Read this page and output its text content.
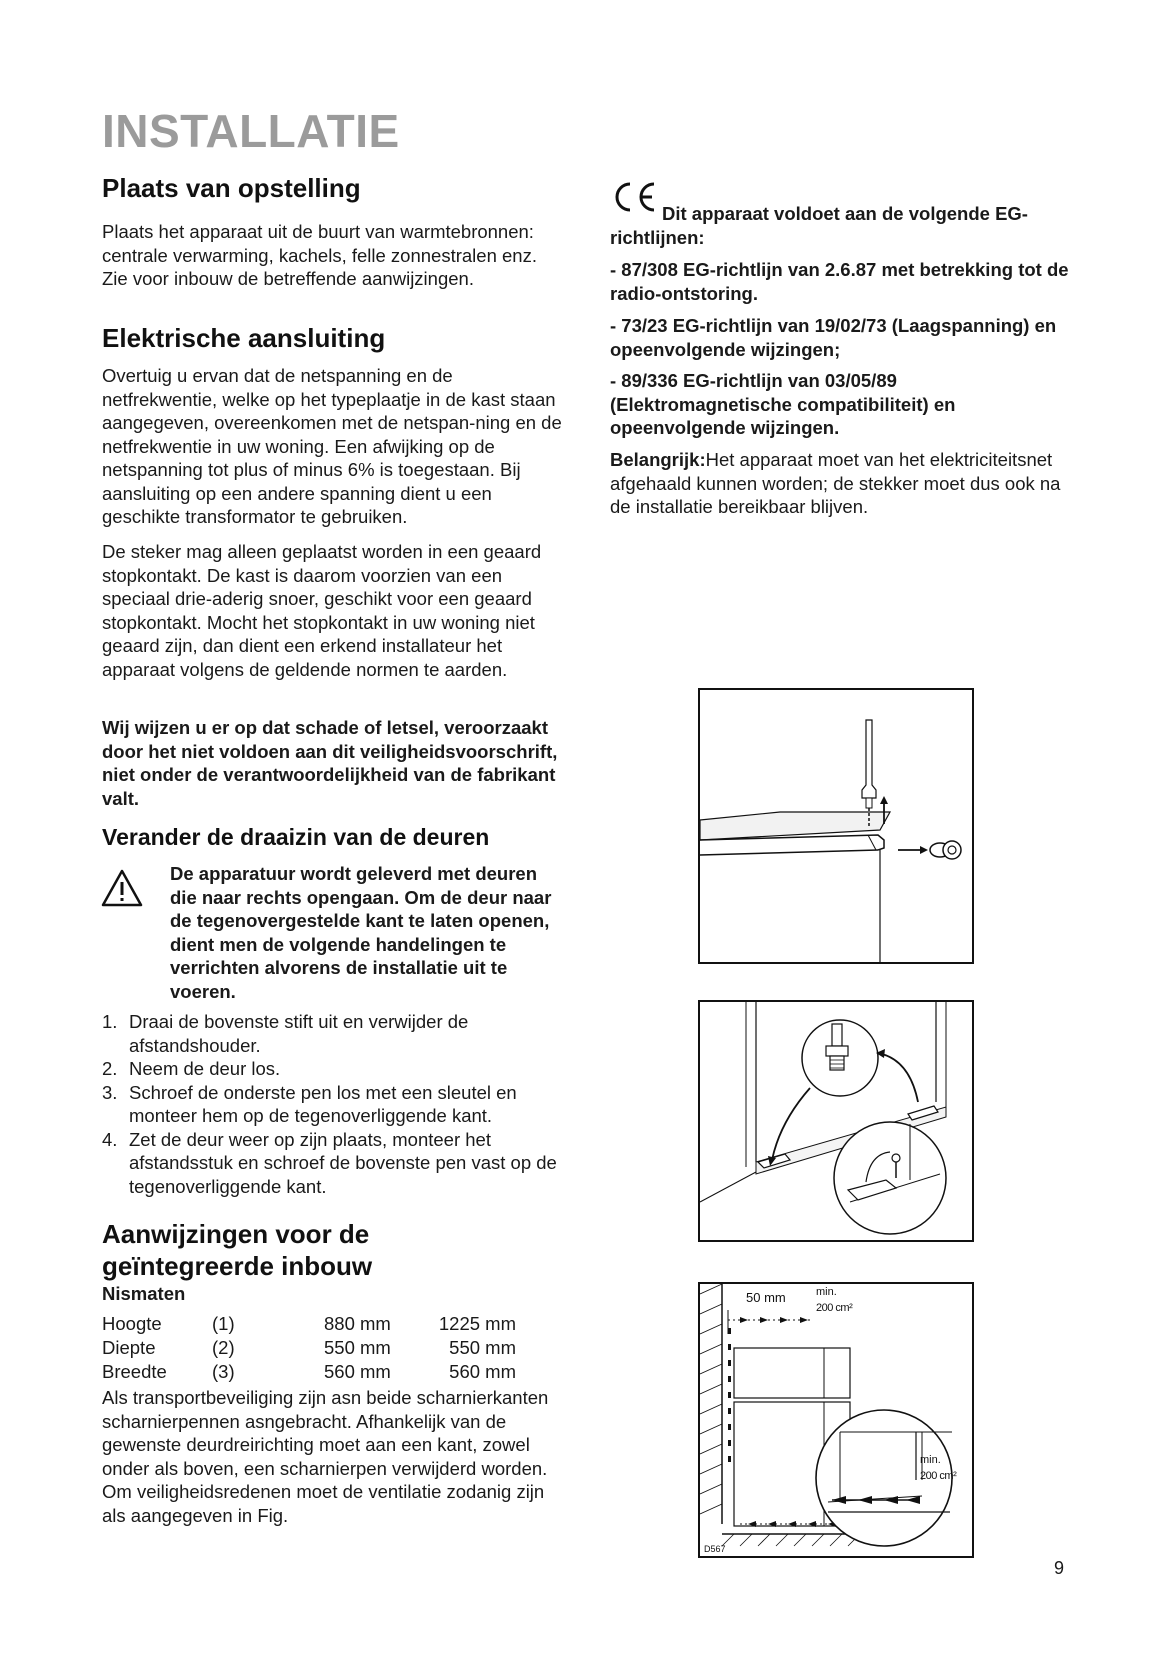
INSTALLATIE
Plaats van opstelling
Plaats het apparaat uit de buurt van warmtebronnen: centrale verwarming, kachels, felle zonnestralen enz. Zie voor inbouw de betreffende aanwijzingen.
Elektrische aansluiting
Overtuig u ervan dat de netspanning en de netfrekwentie, welke op het typeplaatje in de kast staan aangegeven, overeenkomen met de netspan-ning en de netfrekwentie in uw woning. Een afwijking op de netspanning tot plus of minus 6% is toegestaan. Bij aansluiting op een andere spanning dient u een geschikte transformator te gebruiken.
De steker mag alleen geplaatst worden in een geaard stopkontakt. De kast is daarom voorzien van een speciaal drie-aderig snoer, geschikt voor een geaard stopkontakt. Mocht het stopkontakt in uw woning niet geaard zijn, dan dient een erkend installateur het apparaat volgens de geldende normen te aarden.
Wij wijzen u er op dat schade of letsel, veroorzaakt door het niet voldoen aan dit veiligheidsvoorschrift, niet onder de verantwoordelijkheid van de fabrikant valt.
Verander de draaizin van de deuren
De apparatuur wordt geleverd met deuren die naar rechts opengaan. Om de deur naar de tegenovergestelde kant te laten openen, dient men de volgende handelingen te verrichten alvorens de installatie uit te voeren.
1. Draai de bovenste stift uit en verwijder de afstandshouder.
2. Neem de deur los.
3. Schroef de onderste pen los met een sleutel en monteer hem op de tegenoverliggende kant.
4. Zet de deur weer op zijn plaats, monteer het afstandsstuk en schroef de bovenste pen vast op de tegenoverliggende kant.
Aanwijzingen voor de geïntegreerde inbouw
Nismaten
Hoogte	(1)	880 mm	1225 mm
Diepte	(2)	550 mm	550 mm
Breedte	(3)	560 mm	560 mm
Als transportbeveiliging zijn asn beide scharnierkanten scharnierpennen asngebracht. Afhankelijk van de gewenste deurdreirichting moet aan een kant, zowel onder als boven, een scharnierpen verwijderd worden. Om veiligheidsredenen moet de ventilatie zodanig zijn als aangegeven in Fig.
Dit apparaat voldoet aan de volgende EG-richtlijnen:
- 87/308 EG-richtlijn van 2.6.87 met betrekking tot de radio-ontstoring.
- 73/23 EG-richtlijn van 19/02/73 (Laagspanning) en opeenvolgende wijzingen;
- 89/336 EG-richtlijn van 03/05/89 (Elektromagnetische compatibiliteit) en opeenvolgende wijzingen.
Belangrijk:Het apparaat moet van het elektriciteitsnet afgehaald kunnen worden; de stekker moet dus ook na de installatie bereikbaar blijven.
D567
50 mm	min.
200 cm²
min.
200 cm²
9
